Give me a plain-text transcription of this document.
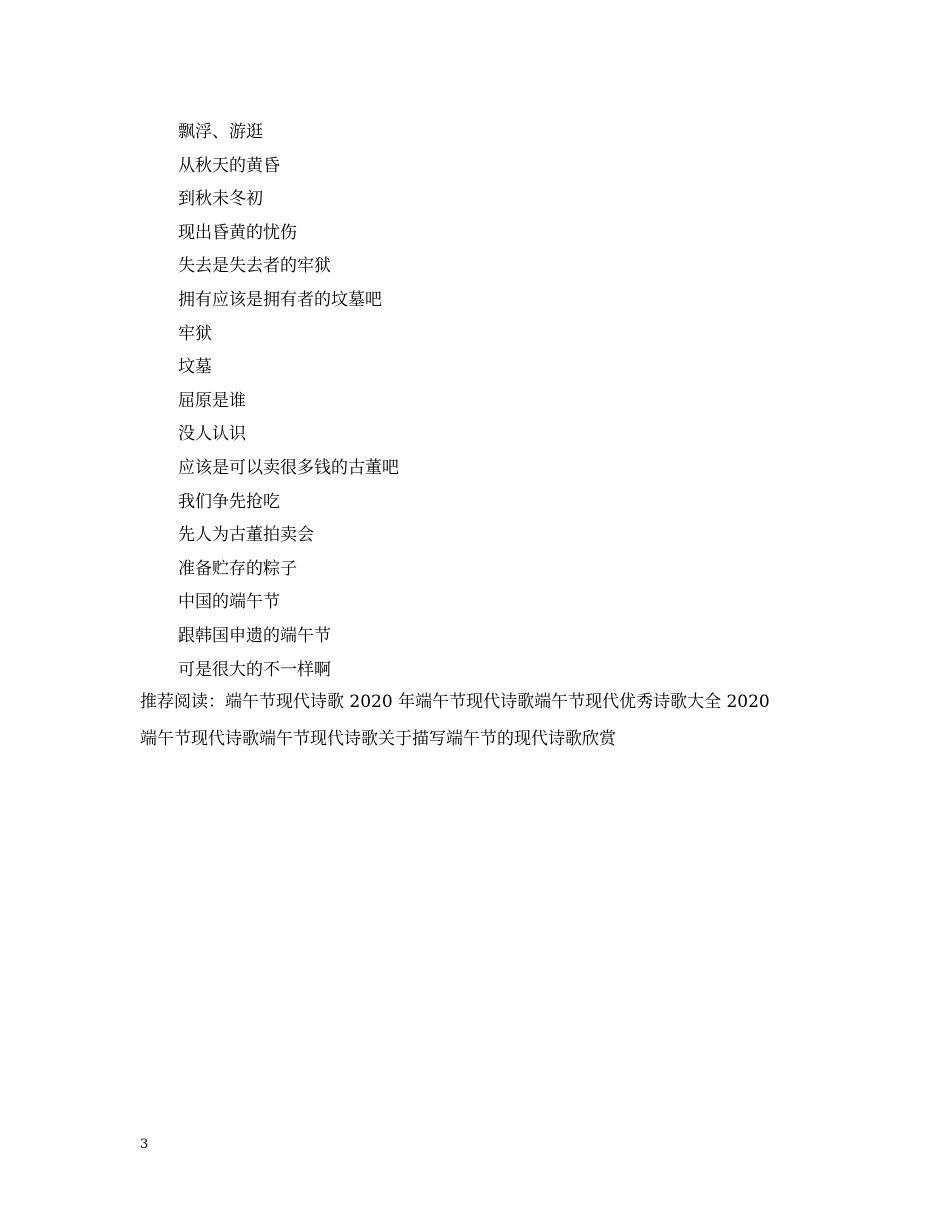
飘浮、游逛
从秋天的黄昏
到秋未冬初
现出昏黄的忧伤
失去是失去者的牢狱
拥有应该是拥有者的坟墓吧
牢狱
坟墓
屈原是谁
没人认识
应该是可以卖很多钱的古董吧
我们争先抢吃
先人为古董拍卖会
准备贮存的粽子
中国的端午节
跟韩国申遗的端午节
可是很大的不一样啊
推荐阅读：端午节现代诗歌 2020 年端午节现代诗歌端午节现代优秀诗歌大全 2020
端午节现代诗歌端午节现代诗歌关于描写端午节的现代诗歌欣赏
3
